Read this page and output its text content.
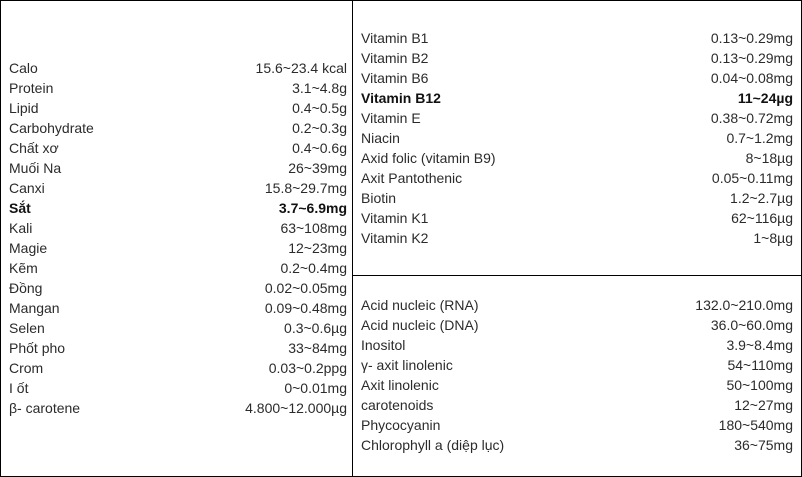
Calo	15.6~23.4 kcal
Protein	3.1~4.8g
Lipid	0.4~0.5g
Carbohydrate	0.2~0.3g
Chất xơ	0.4~0.6g
Muối Na	26~39mg
Canxi	15.8~29.7mg
Sắt	3.7~6.9mg
Kali	63~108mg
Magie	12~23mg
Kẽm	0.2~0.4mg
Đồng	0.02~0.05mg
Mangan	0.09~0.48mg
Selen	0.3~0.6µg
Phốt pho	33~84mg
Crom	0.03~0.2ppg
I ốt	0~0.01mg
β- carotene	4.800~12.000µg
Vitamin B1	0.13~0.29mg
Vitamin B2	0.13~0.29mg
Vitamin B6	0.04~0.08mg
Vitamin B12	11~24µg
Vitamin E	0.38~0.72mg
Niacin	0.7~1.2mg
Axid folic (vitamin B9)	8~18µg
Axit Pantothenic	0.05~0.11mg
Biotin	1.2~2.7µg
Vitamin K1	62~116µg
Vitamin K2	1~8µg
Acid nucleic (RNA)	132.0~210.0mg
Acid nucleic (DNA)	36.0~60.0mg
Inositol	3.9~8.4mg
γ- axit linolenic	54~110mg
Axit linolenic	50~100mg
carotenoids	12~27mg
Phycocyanin	180~540mg
Chlorophyll a (diệp lục)	36~75mg
